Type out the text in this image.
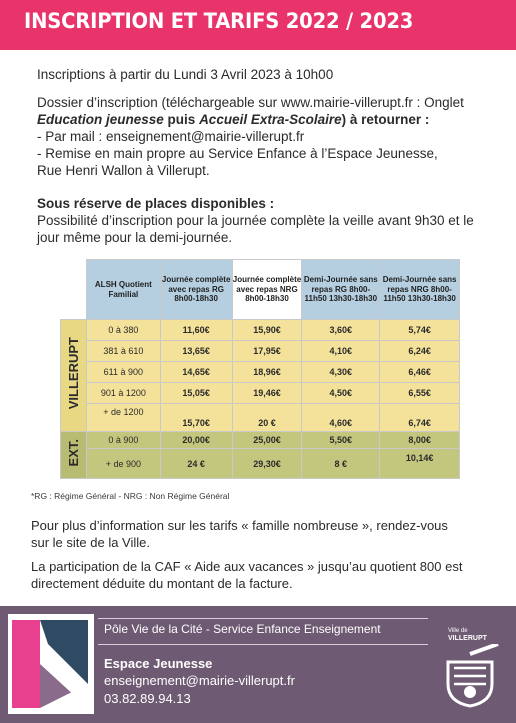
INSCRIPTION ET TARIFS 2022 / 2023
Inscriptions à partir du Lundi 3 Avril 2023 à 10h00
Dossier d’inscription (téléchargeable sur www.mairie-villerupt.fr : Onglet
Education jeunesse puis Accueil Extra-Scolaire) à retourner :
- Par mail : enseignement@mairie-villerupt.fr
- Remise en main propre au Service Enfance à l’Espace Jeunesse,
Rue Henri Wallon à Villerupt.
Sous réserve de places disponibles :
Possibilité d’inscription pour la journée complète la veille avant 9h30 et le
jour même pour la demi-journée.
	ALSH Quotient Familial	Journée complète avec repas RG 8h00-18h30	Journée complète avec repas NRG 8h00-18h30	Demi-Journée sans repas RG 8h00-11h50 13h30-18h30	Demi-Journée sans repas NRG 8h00-11h50 13h30-18h30
VILLERUPT	0 à 380	11,60€	15,90€	3,60€	5,74€
	381 à 610	13,65€	17,95€	4,10€	6,24€
	611 à 900	14,65€	18,96€	4,30€	6,46€
	901 à 1200	15,05€	19,46€	4,50€	6,55€
	+ de 1200	15,70€	20 €	4,60€	6,74€
EXT.	0 à 900	20,00€	25,00€	5,50€	8,00€
	+ de 900	24 €	29,30€	8 €	10,14€
*RG : Régime Général - NRG : Non Régime Général
Pour plus d’information sur les tarifs « famille nombreuse », rendez-vous
sur le site de la Ville.
La participation de la CAF « Aide aux vacances » jusqu’au quotient 800 est
directement déduite du montant de la facture.
Pôle Vie de la Cité - Service Enfance Enseignement
Espace Jeunesse
enseignement@mairie-villerupt.fr
03.82.89.94.13
Ville de
VILLERUPT
